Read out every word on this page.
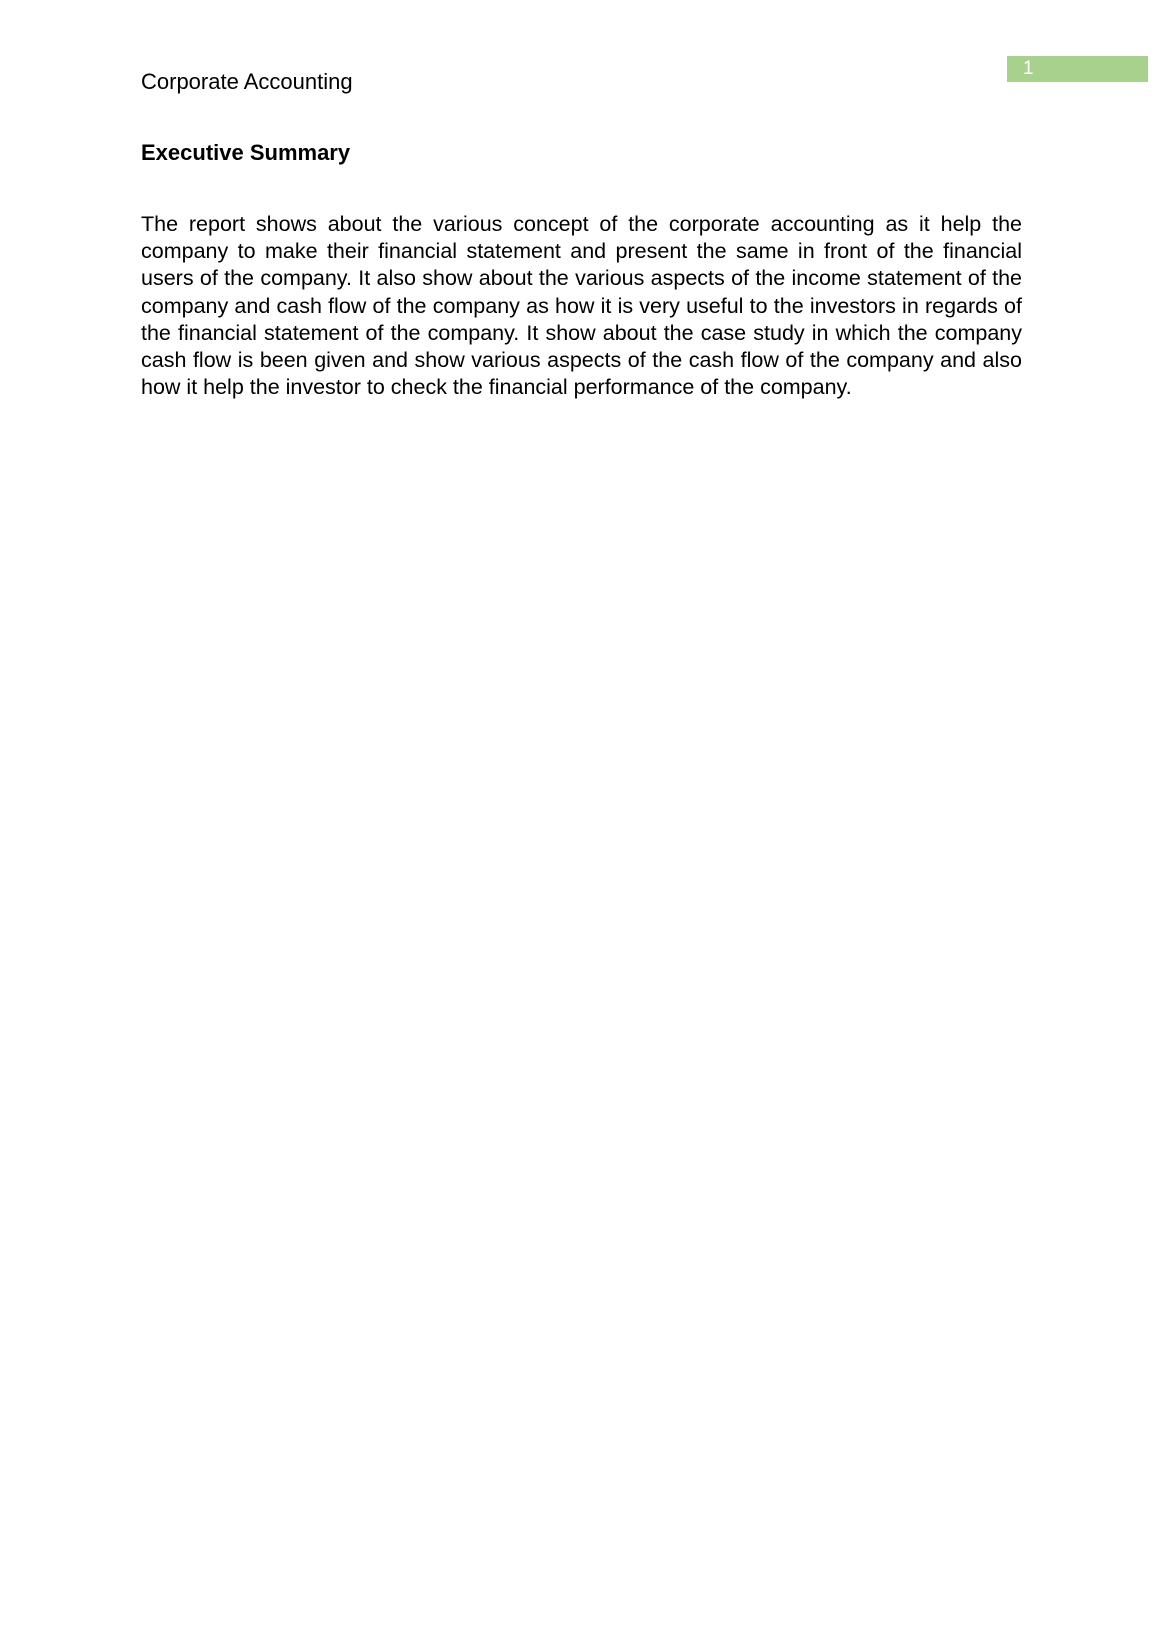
1
Corporate Accounting
Executive Summary

The report shows about the various concept of the corporate accounting as it help the company to make their financial statement and present the same in front of the financial users of the company. It also show about the various aspects of the income statement of the company and cash flow of the company as how it is very useful to the investors in regards of the financial statement of the company. It show about the case study in which the company cash flow is been given and show various aspects of the cash flow of the company and also how it help the investor to check the financial performance of the company.
